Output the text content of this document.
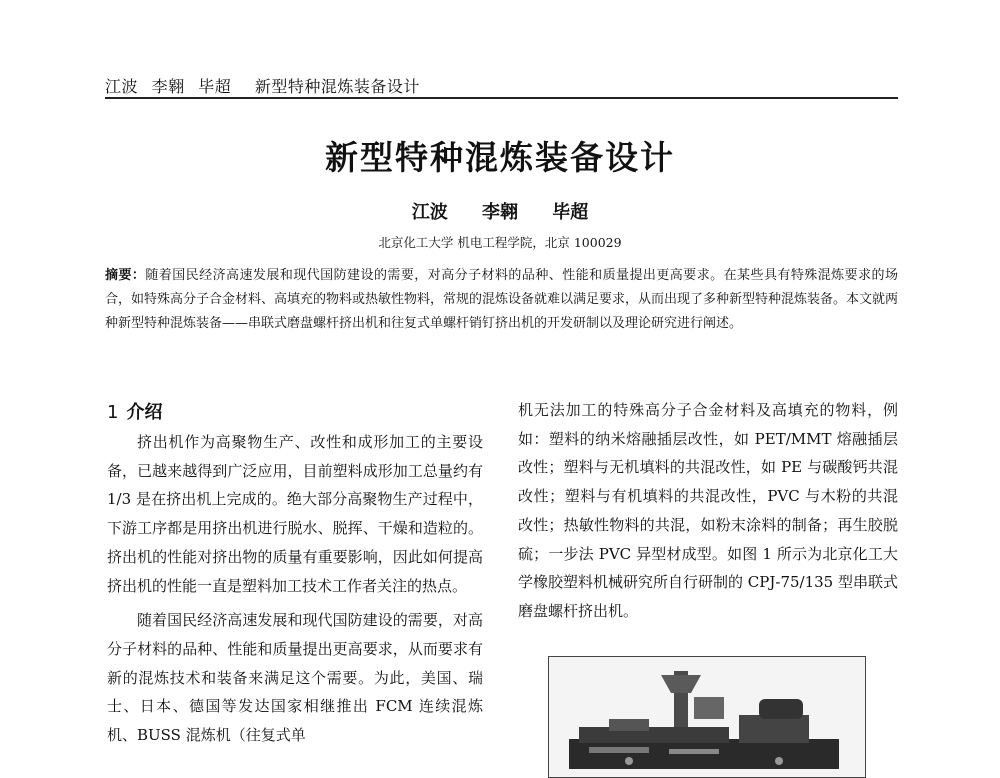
江波 李翱 毕超 新型特种混炼装备设计
新型特种混炼装备设计
江波 李翱 毕超
北京化工大学 机电工程学院，北京 100029

摘要：随着国民经济高速发展和现代国防建设的需要，对高分子材料的品种、性能和质量提出更高要求。在某些具有特殊混炼要求的场合，如特殊高分子合金材料、高填充的物料或热敏性物料，常规的混炼设备就难以满足要求，从而出现了多种新型特种混炼装备。本文就两种新型特种混炼装备——串联式磨盘螺杆挤出机和往复式单螺杆销钉挤出机的开发研制以及理论研究进行阐述。

1 介绍

挤出机作为高聚物生产、改性和成形加工的主要设备，已越来越得到广泛应用，目前塑料成形加工总量约有 1/3 是在挤出机上完成的。绝大部分高聚物生产过程中，下游工序都是用挤出机进行脱水、脱挥、干燥和造粒的。挤出机的性能对挤出物的质量有重要影响，因此如何提高挤出机的性能一直是塑料加工技术工作者关注的热点。

随着国民经济高速发展和现代国防建设的需要，对高分子材料的品种、性能和质量提出更高要求，从而要求有新的混炼技术和装备来满足这个需要。为此，美国、瑞士、日本、德国等发达国家相继推出 FCM 连续混炼机、BUSS 混炼机（往复式单

机无法加工的特殊高分子合金材料及高填充的物料，例如：塑料的纳米熔融插层改性，如 PET/MMT 熔融插层改性；塑料与无机填料的共混改性，如 PE 与碳酸钙共混改性；塑料与有机填料的共混改性，PVC 与木粉的共混改性；热敏性物料的共混，如粉末涂料的制备；再生胶脱硫；一步法 PVC 异型材成型。如图 1 所示为北京化工大学橡胶塑料机械研究所自行研制的 CPJ-75/135 型串联式磨盘螺杆挤出机。
